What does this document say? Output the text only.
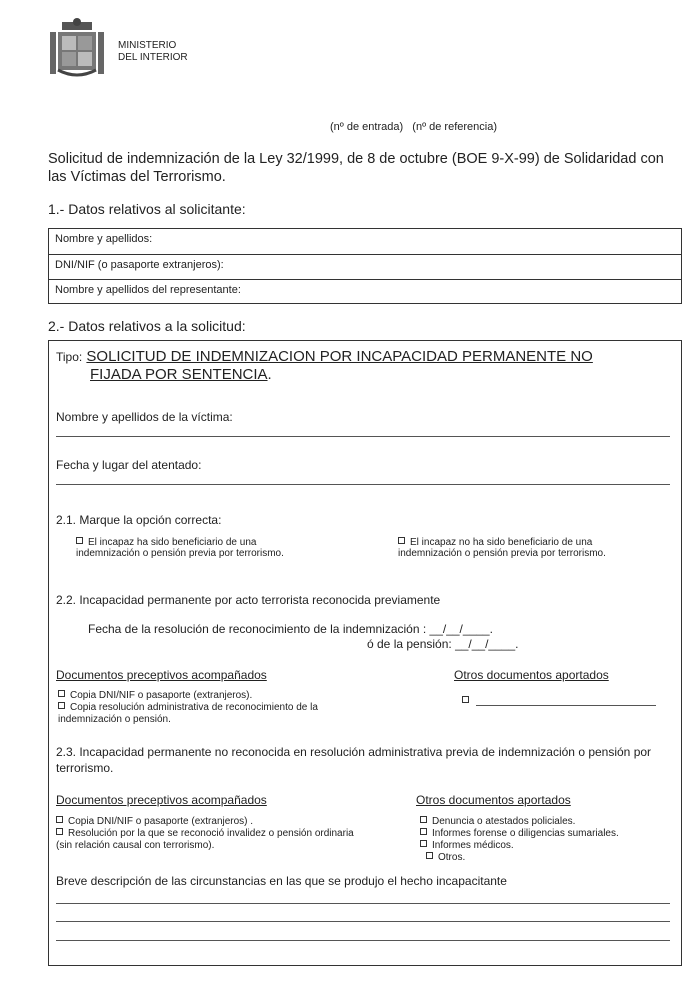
MINISTERIO
DEL INTERIOR
(nº de entrada)   (nº de referencia)
Solicitud de indemnización de la Ley 32/1999, de 8 de octubre (BOE 9-X-99) de Solidaridad con las Víctimas del Terrorismo.
1.- Datos relativos al solicitante:
Nombre y apellidos:
DNI/NIF (o pasaporte extranjeros):
Nombre y apellidos del representante:
2.- Datos relativos a la solicitud:
Tipo: SOLICITUD DE INDEMNIZACION POR INCAPACIDAD PERMANENTE NO
FIJADA POR SENTENCIA.
Nombre y apellidos de la víctima:
Fecha y lugar del atentado:
2.1. Marque la opción correcta:
El incapaz ha sido beneficiario de una indemnización o pensión previa por terrorismo.
El incapaz no ha sido beneficiario de una indemnización o pensión previa por terrorismo.
2.2. Incapacidad permanente por acto terrorista reconocida previamente
Fecha de la resolución de reconocimiento de la indemnización : __/__/____.
ó de la pensión: __/__/____.
Documentos preceptivos acompañados	Otros documentos aportados
Copia DNI/NIF o pasaporte (extranjeros).
Copia resolución administrativa de reconocimiento de la indemnización o pensión.
2.3. Incapacidad permanente no reconocida en resolución administrativa previa de indemnización o pensión por terrorismo.
Documentos preceptivos acompañados	Otros documentos aportados
Copia DNI/NIF o pasaporte (extranjeros) .
Resolución por la que se reconoció invalidez o pensión ordinaria (sin relación causal con terrorismo).
Denuncia o atestados policiales.
Informes forense o diligencias sumariales.
Informes médicos.
Otros.
Breve descripción de las circunstancias en las que se produjo el hecho incapacitante
